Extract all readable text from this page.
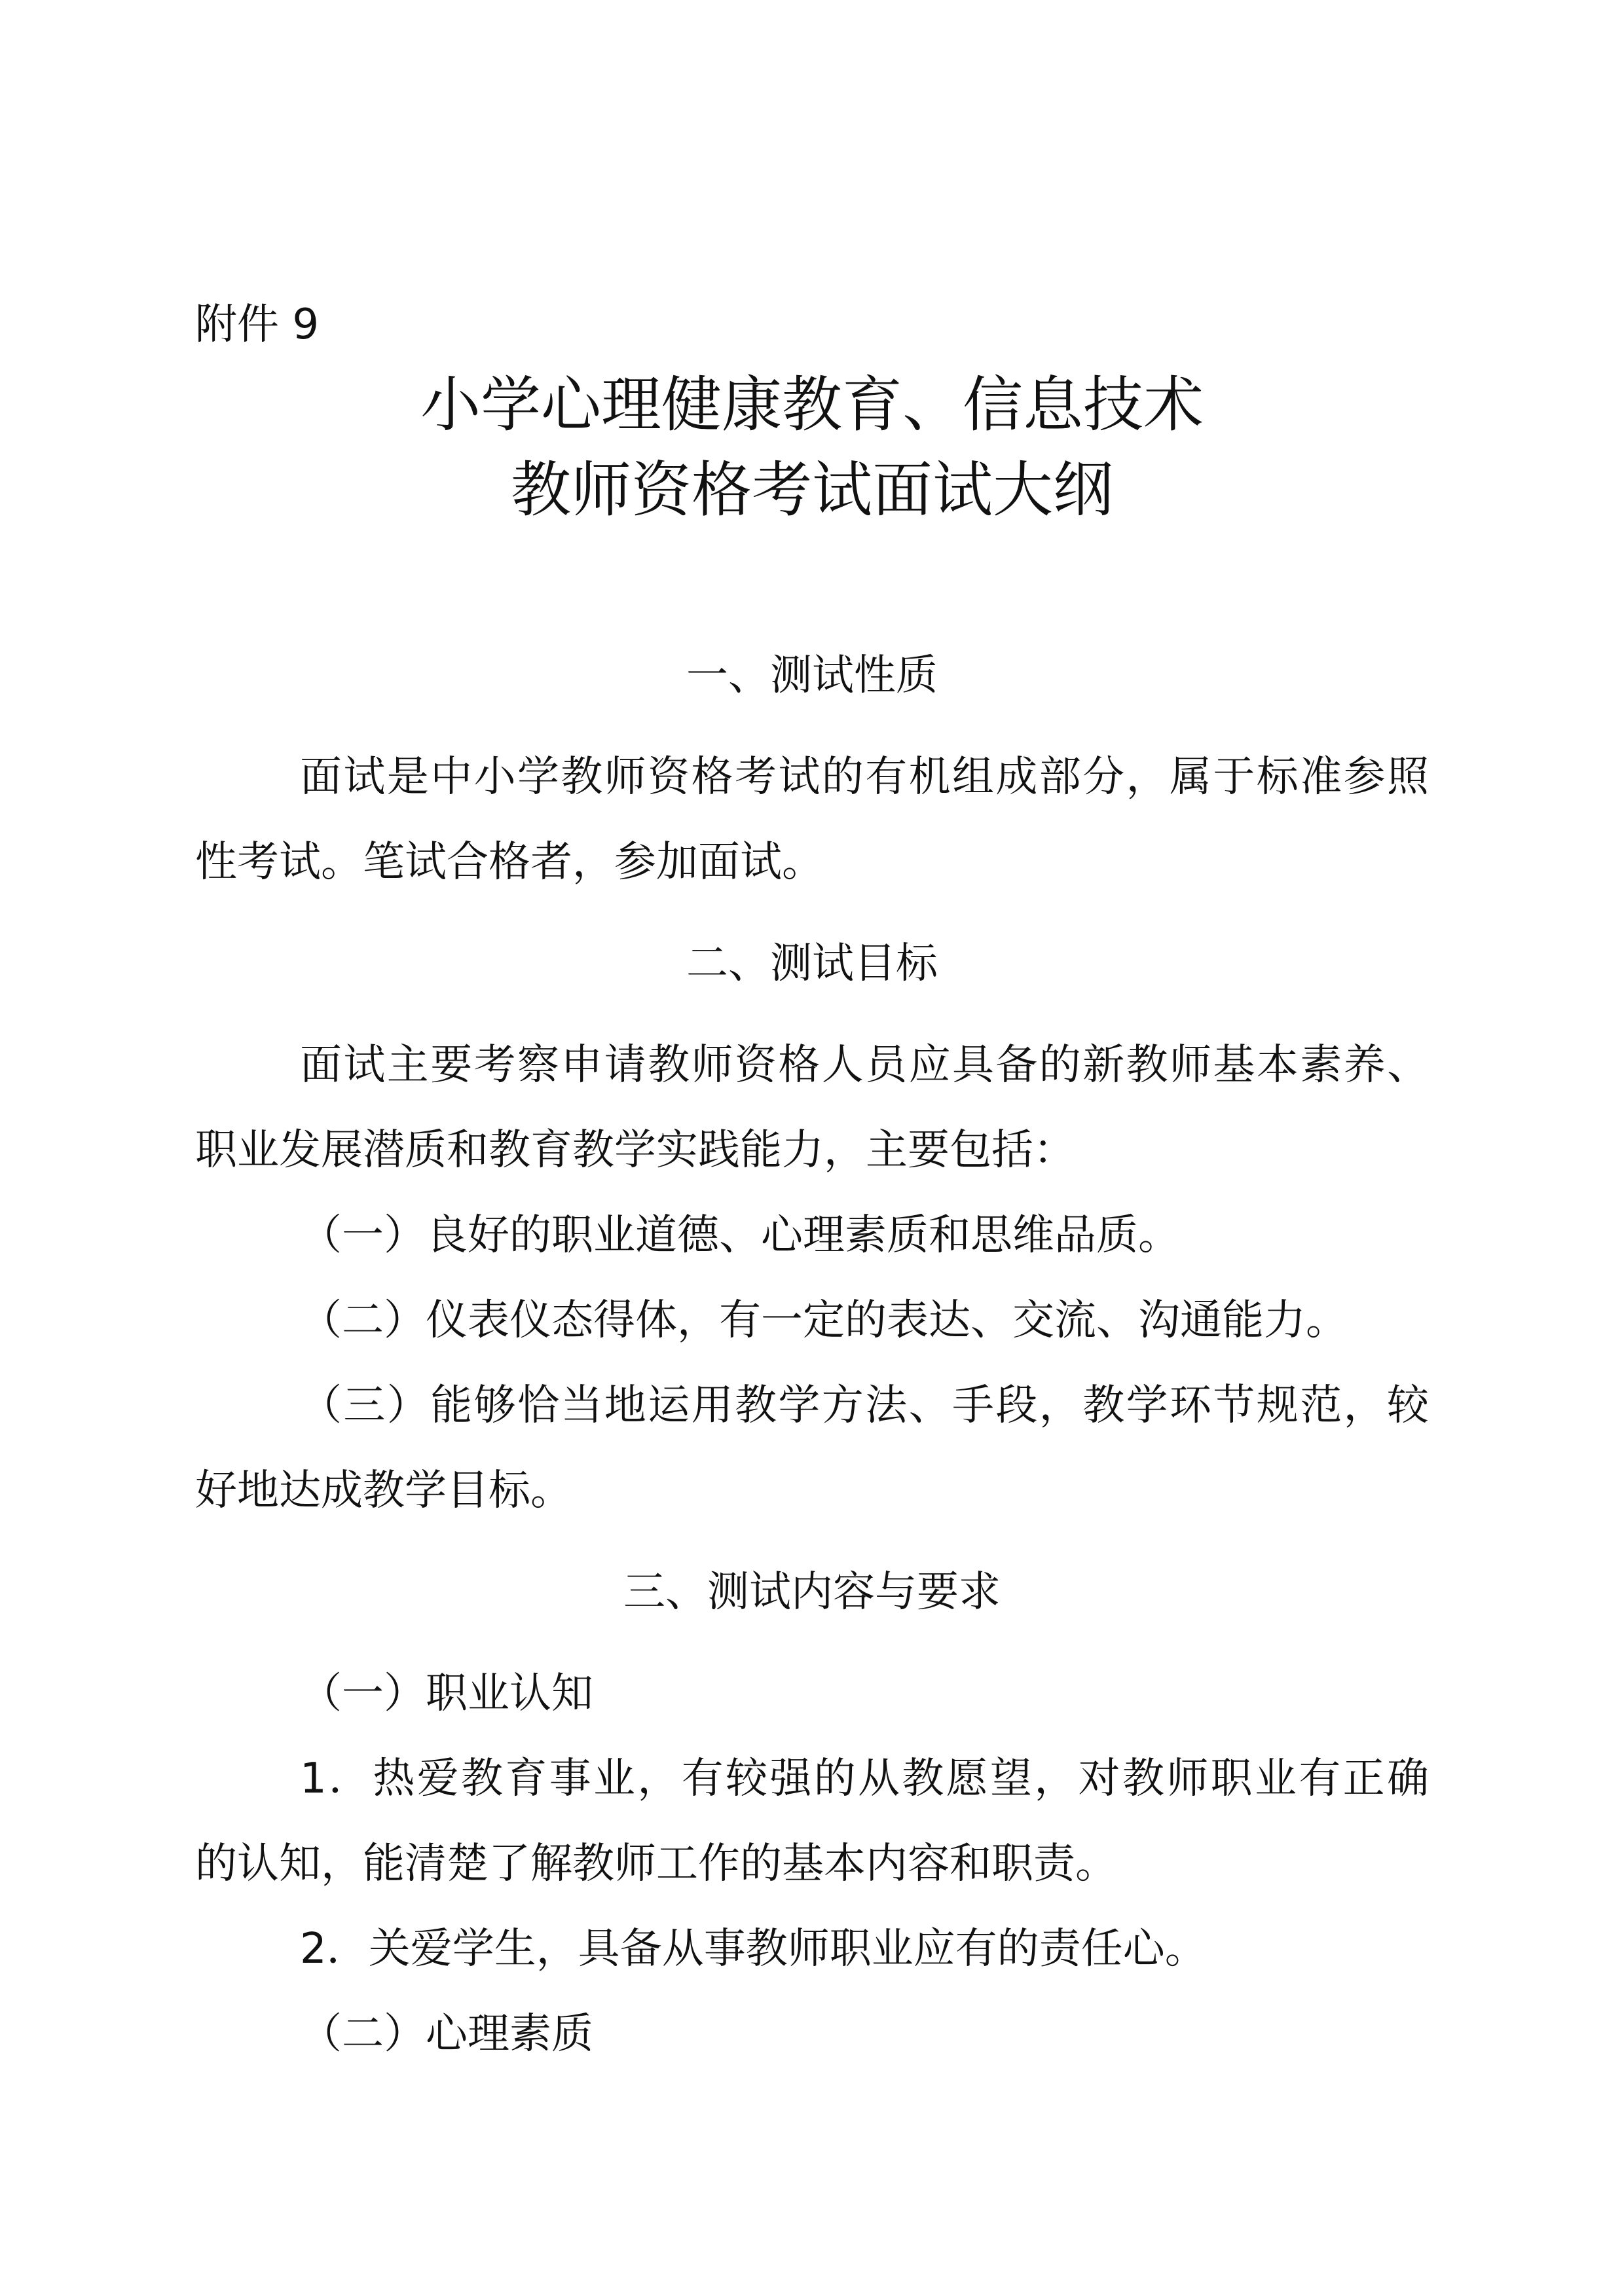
附件 9
小学心理健康教育、信息技术
教师资格考试面试大纲
一、测试性质
面试是中小学教师资格考试的有机组成部分，属于标准参照
性考试。笔试合格者，参加面试。
二、测试目标
面试主要考察申请教师资格人员应具备的新教师基本素养、
职业发展潜质和教育教学实践能力，主要包括：
（一）良好的职业道德、心理素质和思维品质。
（二）仪表仪态得体，有一定的表达、交流、沟通能力。
（三）能够恰当地运用教学方法、手段，教学环节规范，较
好地达成教学目标。
三、测试内容与要求
（一）职业认知
1．热爱教育事业，有较强的从教愿望，对教师职业有正确
的认知，能清楚了解教师工作的基本内容和职责。
2．关爱学生，具备从事教师职业应有的责任心。
（二）心理素质
